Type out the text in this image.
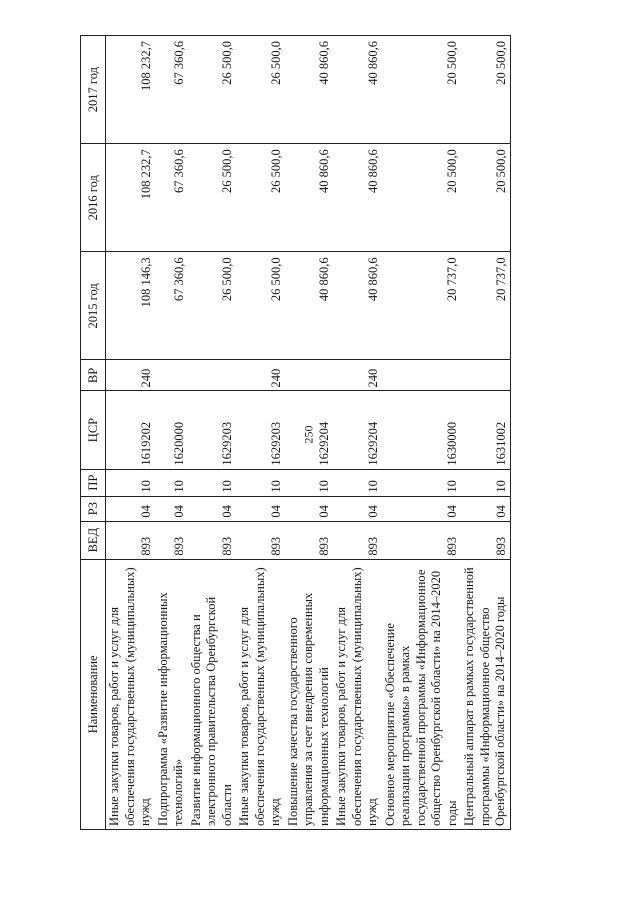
250
Наименование	ВЕД	РЗ	ПР	ЦСР	ВР	2015 год	2016 год	2017 год
Иные закупки товаров, работ и услуг для обеспечения государственных (муниципальных) нужд	893	04	10	1619202	240	108 146,3	108 232,7	108 232,7
Подпрограмма «Развитие информационных технологий»	893	04	10	1620000		67 360,6	67 360,6	67 360,6
Развитие информационного общества и электронного правительства Оренбургской области	893	04	10	1629203		26 500,0	26 500,0	26 500,0
Иные закупки товаров, работ и услуг для обеспечения государственных (муниципальных) нужд	893	04	10	1629203	240	26 500,0	26 500,0	26 500,0
Повышение качества государственного управления за счет внедрения современных информационных технологий	893	04	10	1629204		40 860,6	40 860,6	40 860,6
Иные закупки товаров, работ и услуг для обеспечения государственных (муниципальных) нужд	893	04	10	1629204	240	40 860,6	40 860,6	40 860,6
Основное мероприятие «Обеспечение реализации программы» в рамках государственной программы «Информационное общество Оренбургской области» на 2014–2020 годы	893	04	10	1630000		20 737,0	20 500,0	20 500,0
Центральный аппарат в рамках государственной программы «Информационное общество Оренбургской области» на 2014–2020 годы	893	04	10	1631002		20 737,0	20 500,0	20 500,0
